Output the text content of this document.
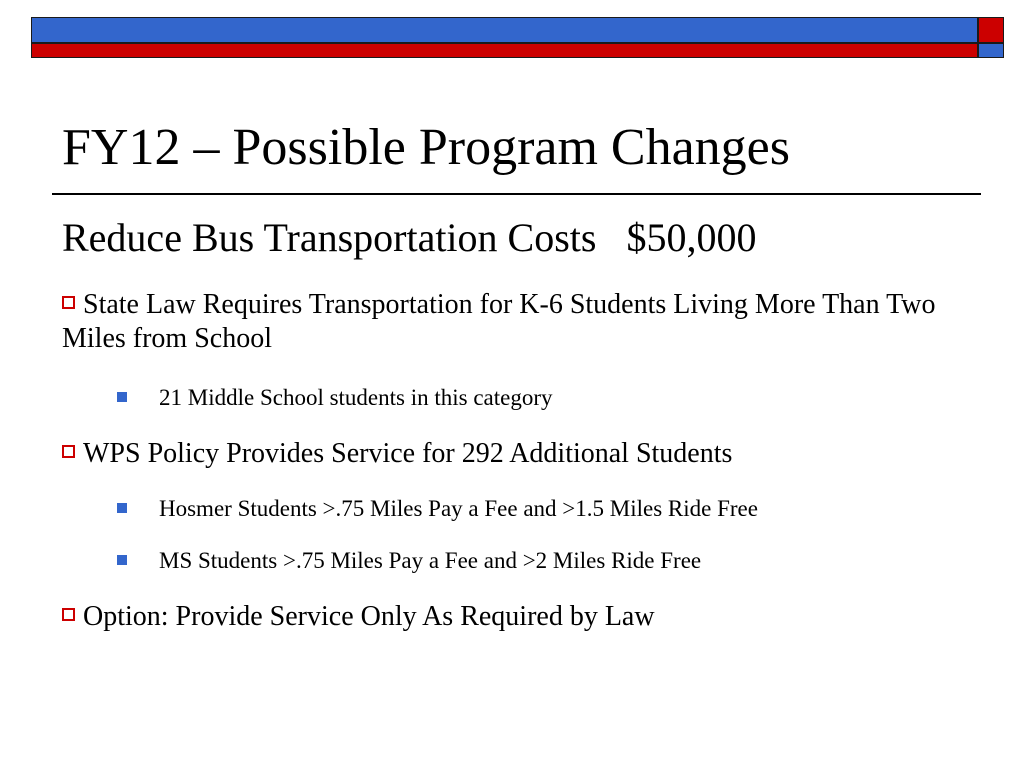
FY12 – Possible Program Changes
Reduce Bus Transportation Costs   $50,000
State Law Requires Transportation for K-6 Students Living More Than Two Miles from School
21 Middle School students in this category
WPS Policy Provides Service for 292 Additional Students
Hosmer Students >.75 Miles Pay a Fee and >1.5 Miles Ride Free
MS Students >.75 Miles Pay a Fee and >2 Miles Ride Free
Option: Provide Service Only As Required by Law
